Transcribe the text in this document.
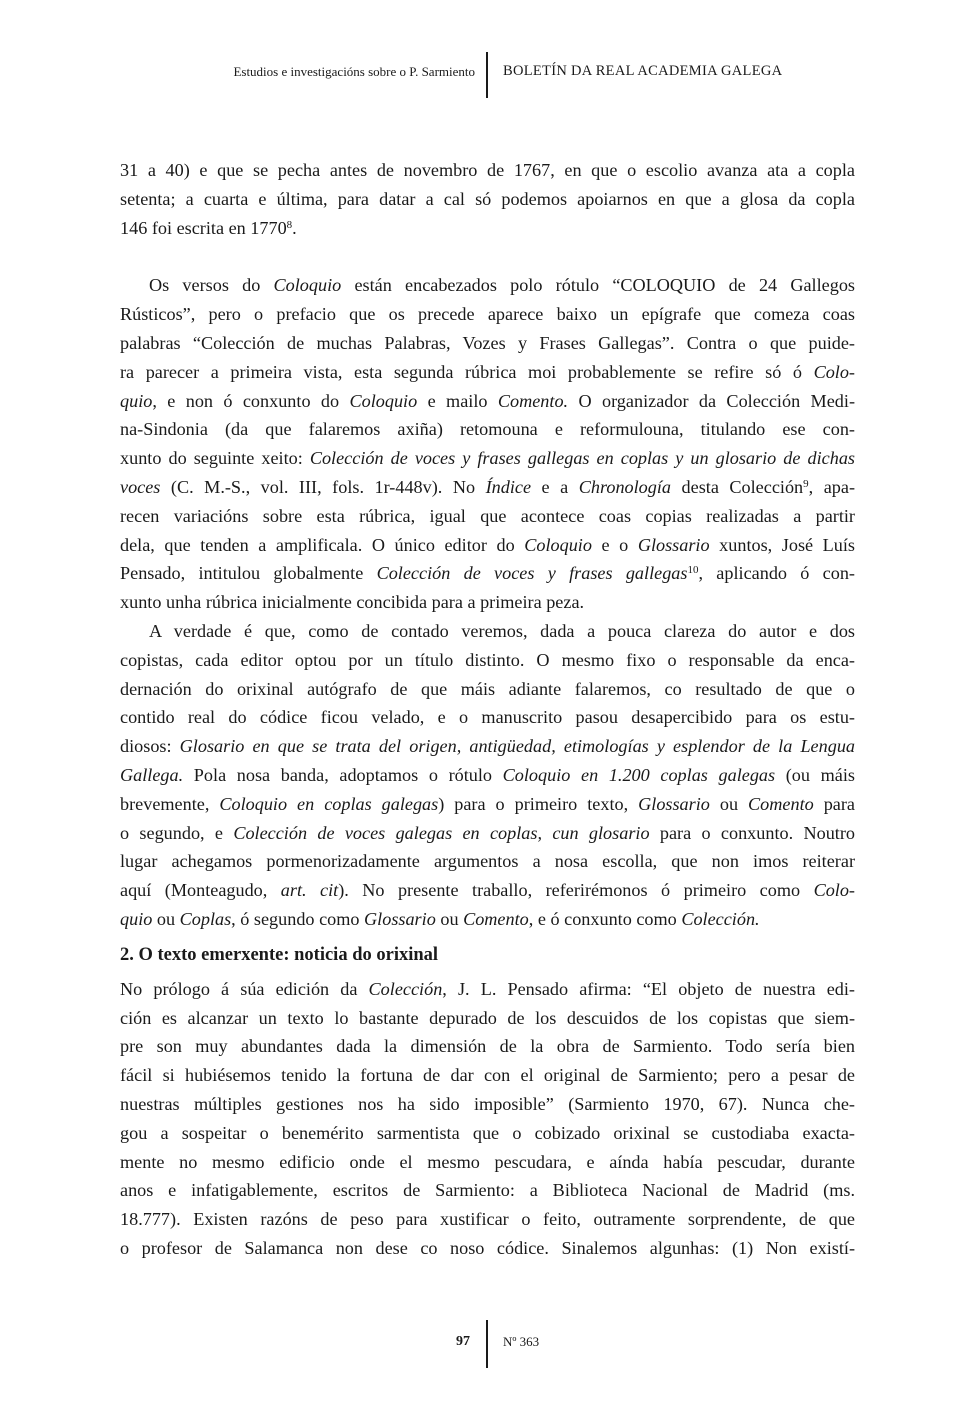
Estudios e investigacións sobre o P. Sarmiento BOLETÍN DA REAL ACADEMIA GALEGA
31 a 40) e que se pecha antes de novembro de 1767, en que o escolio avanza ata a copla
setenta; a cuarta e última, para datar a cal só podemos apoiarnos en que a glosa da copla
146 foi escrita en 1770$^8$.
Os versos do Coloquio están encabezados polo rótulo “COLOQUIO de 24 Gallegos
Rústicos”, pero o prefacio que os precede aparece baixo un epígrafe que comeza coas
palabras “Colección de muchas Palabras, Vozes y Frases Gallegas”. Contra o que puide-
ra parecer a primeira vista, esta segunda rúbrica moi probablemente se refire só ó Colo-
quio, e non ó conxunto do Coloquio e mailo Comento. O organizador da Colección Medi-
na-Sindonia (da que falaremos axiña) retomouna e reformulouna, titulando ese con-
xunto do seguinte xeito: Colección de voces y frases gallegas en coplas y un glosario de dichas
voces (C. M.-S., vol. III, fols. 1r-448v). No Índice e a Chronología desta Colección$^9$, apa-
recen variacións sobre esta rúbrica, igual que acontece coas copias realizadas a partir
dela, que tenden a amplificala. O único editor do Coloquio e o Glossario xuntos, José Luís
Pensado, intitulou globalmente Colección de voces y frases gallegas$^{10}$, aplicando ó con-
xunto unha rúbrica inicialmente concibida para a primeira peza.
A verdade é que, como de contado veremos, dada a pouca clareza do autor e dos
copistas, cada editor optou por un título distinto. O mesmo fixo o responsable da enca-
dernación do orixinal autógrafo de que máis adiante falaremos, co resultado de que o
contido real do códice ficou velado, e o manuscrito pasou desapercibido para os estu-
diosos: Glosario en que se trata del origen, antigüedad, etimologías y esplendor de la Lengua
Gallega. Pola nosa banda, adoptamos o rótulo Coloquio en 1.200 coplas galegas (ou máis
brevemente, Coloquio en coplas galegas) para o primeiro texto, Glossario ou Comento para
o segundo, e Colección de voces galegas en coplas, cun glosario para o conxunto. Noutro
lugar achegamos pormenorizadamente argumentos a nosa escolla, que non imos reiterar
aquí (Monteagudo, art. cit). No presente traballo, referirémonos ó primeiro como Colo-
quio ou Coplas, ó segundo como Glossario ou Comento, e ó conxunto como Colección.
2. O texto emerxente: noticia do orixinal
No prólogo á súa edición da Colección, J. L. Pensado afirma: “El objeto de nuestra edi-
ción es alcanzar un texto lo bastante depurado de los descuidos de los copistas que siem-
pre son muy abundantes dada la dimensión de la obra de Sarmiento. Todo sería bien
fácil si hubiésemos tenido la fortuna de dar con el original de Sarmiento; pero a pesar de
nuestras múltiples gestiones nos ha sido imposible” (Sarmiento 1970, 67). Nunca che-
gou a sospeitar o benemérito sarmentista que o cobizado orixinal se custodiaba exacta-
mente no mesmo edificio onde el mesmo pescudara, e aínda había pescudar, durante
anos e infatigablemente, escritos de Sarmiento: a Biblioteca Nacional de Madrid (ms.
18.777). Existen razóns de peso para xustificar o feito, outramente sorprendente, de que
o profesor de Salamanca non dese co noso códice. Sinalemos algunhas: (1) Non existí-
97	Nº 363
